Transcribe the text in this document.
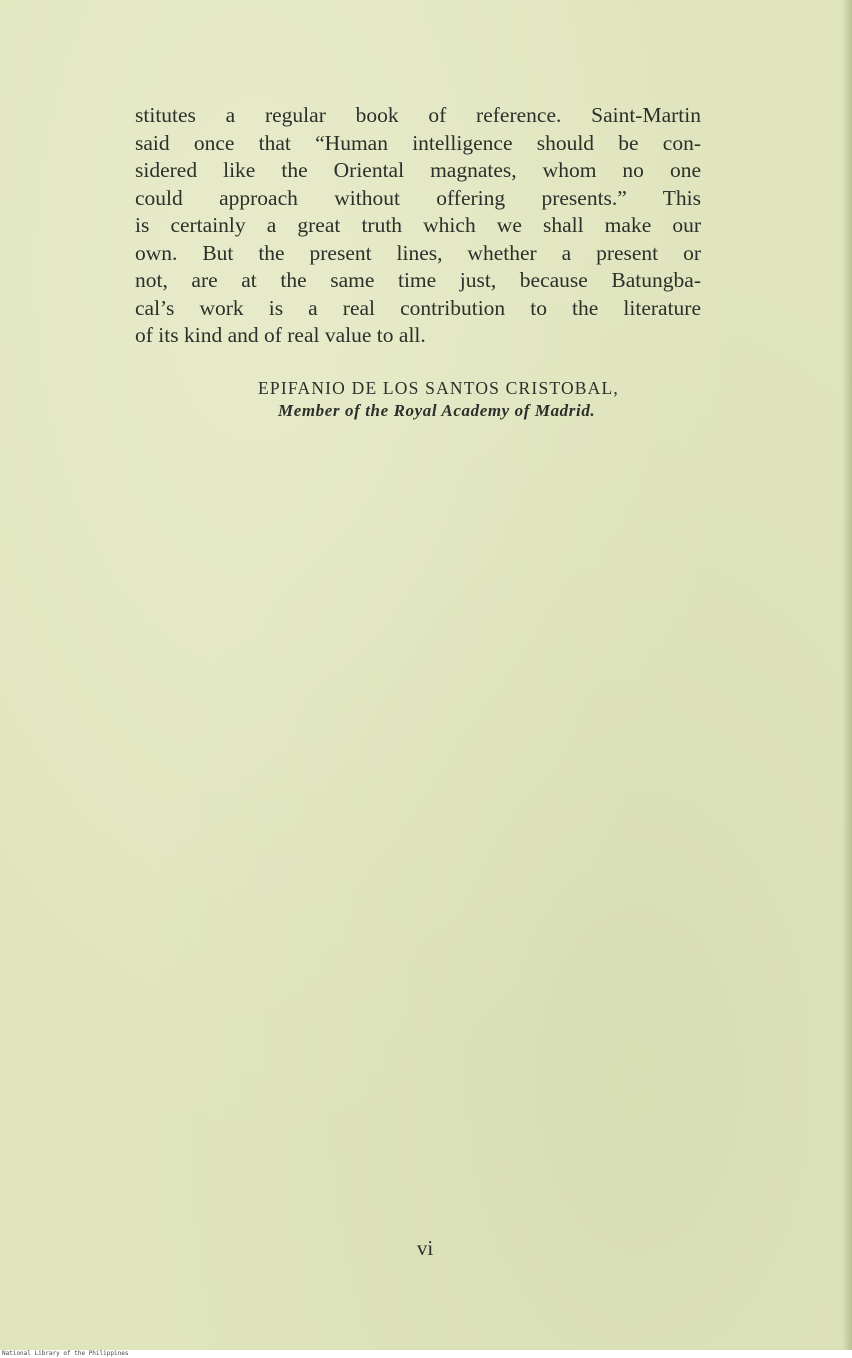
stitutes a regular book of reference. Saint-Martin
said once that “Human intelligence should be con-
sidered like the Oriental magnates, whom no one
could approach without offering presents.” This
is certainly a great truth which we shall make our
own. But the present lines, whether a present or
not, are at the same time just, because Batungba-
cal’s work is a real contribution to the literature
of its kind and of real value to all.
EPIFANIO DE LOS SANTOS CRISTOBAL,
Member of the Royal Academy of Madrid.
vi
National Library of the Philippines
